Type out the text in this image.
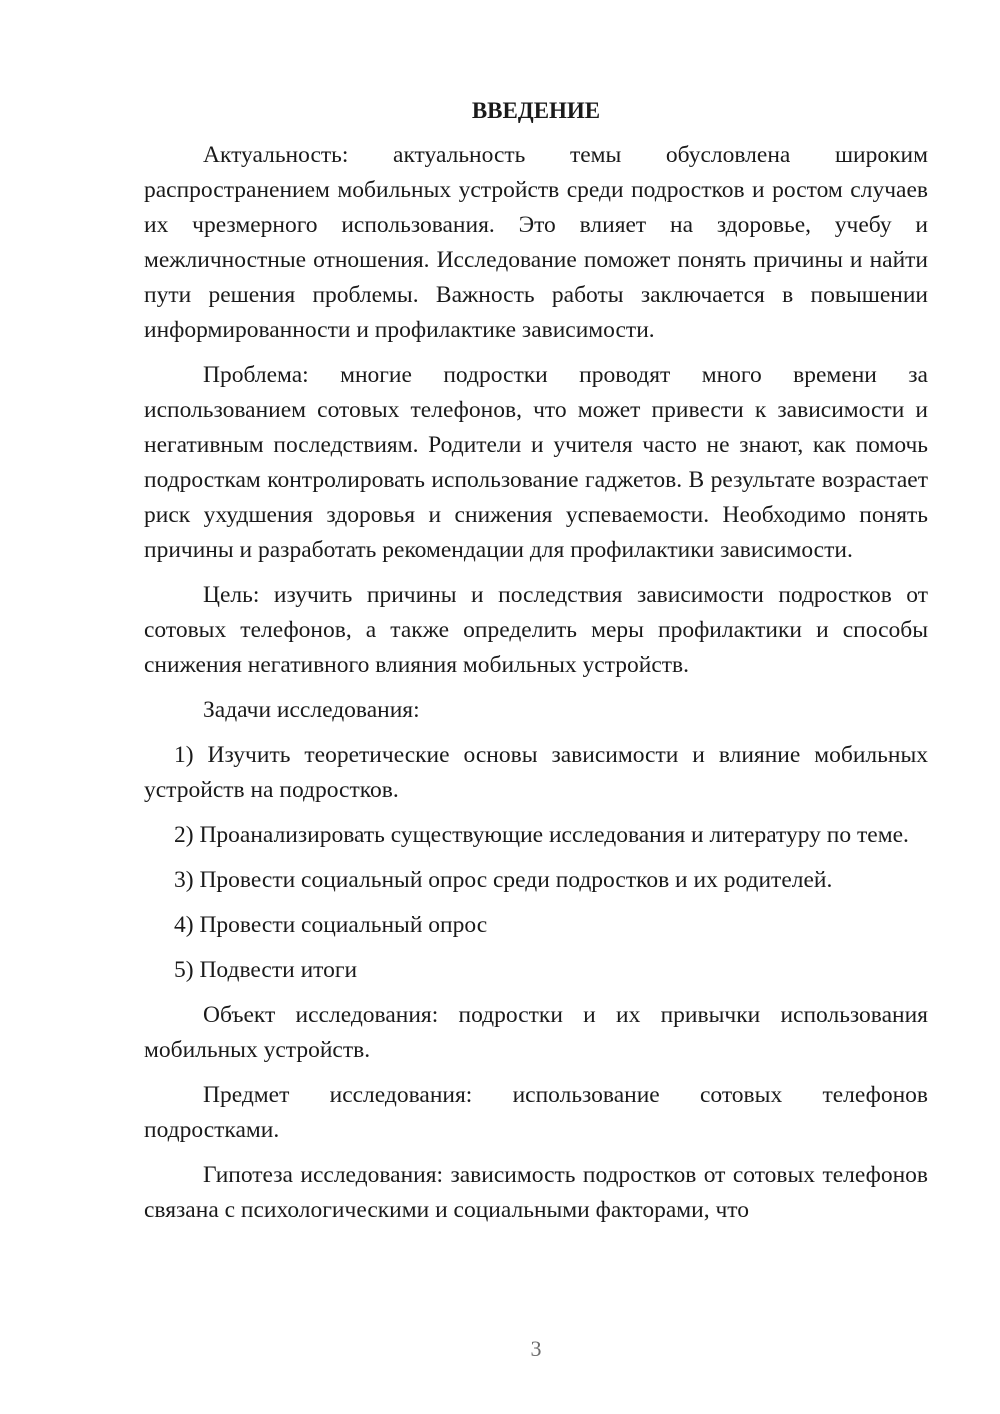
ВВЕДЕНИЕ

Актуальность: актуальность темы обусловлена широким распространением мобильных устройств среди подростков и ростом случаев их чрезмерного использования. Это влияет на здоровье, учебу и межличностные отношения. Исследование поможет понять причины и найти пути решения проблемы. Важность работы заключается в повышении информированности и профилактике зависимости.

Проблема: многие подростки проводят много времени за использованием сотовых телефонов, что может привести к зависимости и негативным последствиям. Родители и учителя часто не знают, как помочь подросткам контролировать использование гаджетов. В результате возрастает риск ухудшения здоровья и снижения успеваемости. Необходимо понять причины и разработать рекомендации для профилактики зависимости.

Цель: изучить причины и последствия зависимости подростков от сотовых телефонов, а также определить меры профилактики и способы снижения негативного влияния мобильных устройств.

Задачи исследования:

1) Изучить теоретические основы зависимости и влияние мобильных устройств на подростков.

2) Проанализировать существующие исследования и литературу по теме.

3) Провести социальный опрос среди подростков и их родителей.

4) Провести социальный опрос

5) Подвести итоги

Объект исследования: подростки и их привычки использования мобильных устройств.

Предмет исследования: использование сотовых телефонов подростками.

Гипотеза исследования: зависимость подростков от сотовых телефонов связана с психологическими и социальными факторами, что

3
